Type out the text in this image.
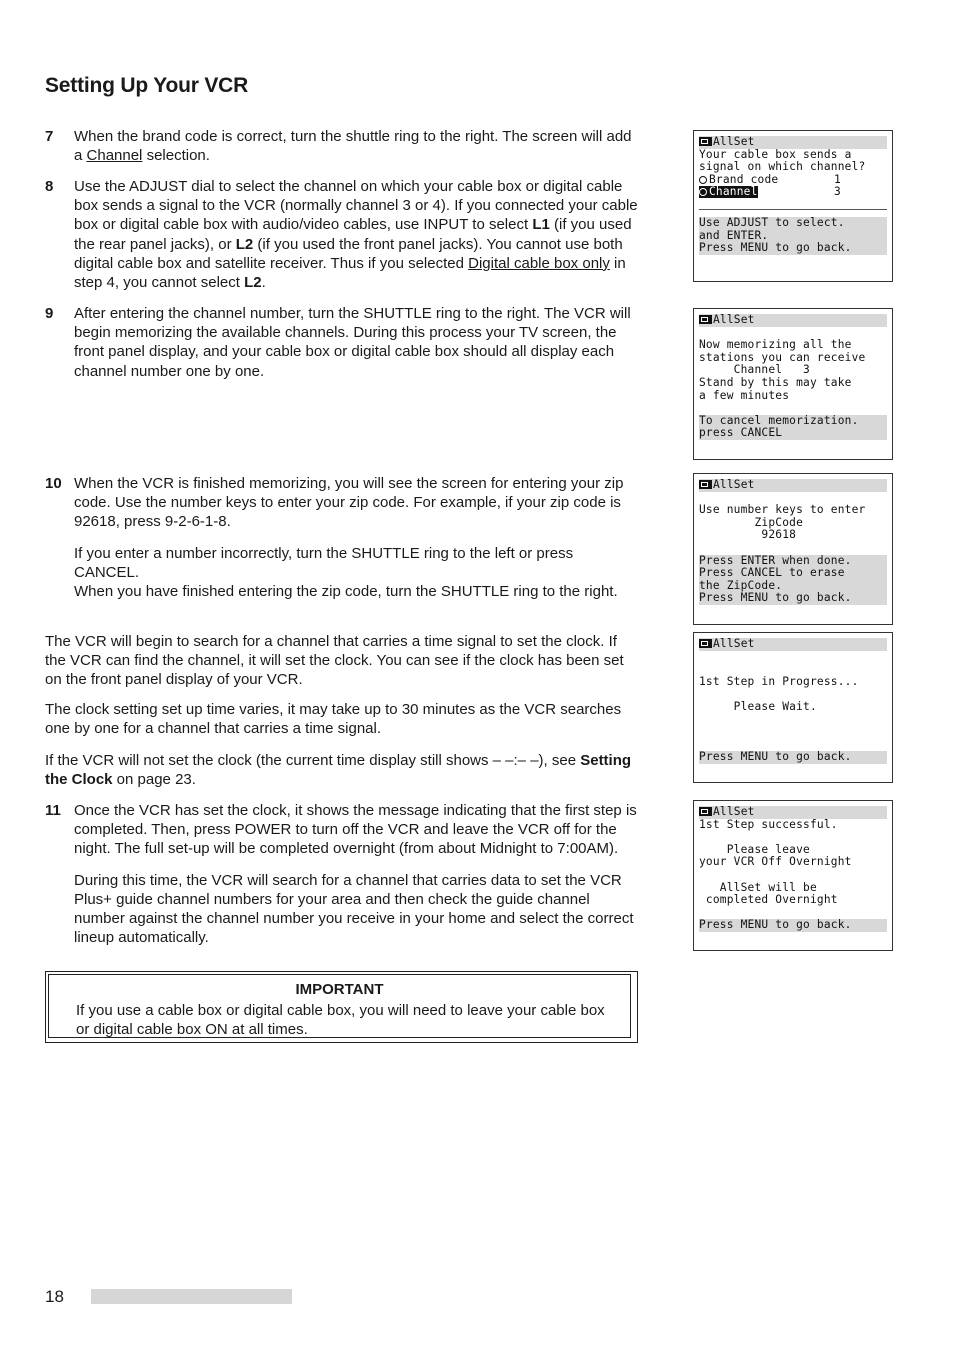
Setting Up Your VCR
7 When the brand code is correct, turn the shuttle ring to the right. The screen will add a Channel selection.
8 Use the ADJUST dial to select the channel on which your cable box or digital cable box sends a signal to the VCR (normally channel 3 or 4). If you connected your cable box or digital cable box with audio/video cables, use INPUT to select L1 (if you used the rear panel jacks), or L2 (if you used the front panel jacks). You cannot use both digital cable box and satellite receiver. Thus if you selected Digital cable box only in step 4, you cannot select L2.
9 After entering the channel number, turn the SHUTTLE ring to the right. The VCR will begin memorizing the available channels. During this process your TV screen, the front panel display, and your cable box or digital cable box should all display each channel number one by one.
10 When the VCR is finished memorizing, you will see the screen for entering your zip code. Use the number keys to enter your zip code. For example, if your zip code is 92618, press 9-2-6-1-8.

If you enter a number incorrectly, turn the SHUTTLE ring to the left or press CANCEL.

When you have finished entering the zip code, turn the SHUTTLE ring to the right.

The VCR will begin to search for a channel that carries a time signal to set the clock. If the VCR can find the channel, it will set the clock. You can see if the clock has been set on the front panel display of your VCR.

The clock setting set up time varies, it may take up to 30 minutes as the VCR searches one by one for a channel that carries a time signal.

If the VCR will not set the clock (the current time display still shows – –:– –), see Setting the Clock on page 23.

11 Once the VCR has set the clock, it shows the message indicating that the first step is completed. Then, press POWER to turn off the VCR and leave the VCR off for the night. The full set-up will be completed overnight (from about Midnight to 7:00AM).

During this time, the VCR will search for a channel that carries data to set the VCR Plus+ guide channel numbers for your area and then check the guide channel number against the channel number you receive in your home and select the correct lineup automatically.

IMPORTANT
If you use a cable box or digital cable box, you will need to leave your cable box or digital cable box ON at all times.
AllSet
Your cable box sends a
signal on which channel?
Brand code	1
Channel	3
Use ADJUST to select.
and ENTER.
Press MENU to go back.
AllSet
Now memorizing all the
stations you can receive
Channel   3
Stand by this may take
a few minutes
To cancel memorization.
press CANCEL
AllSet
Use number keys to enter
ZipCode
92618
Press ENTER when done.
Press CANCEL to erase
the ZipCode.
Press MENU to go back.
AllSet
1st Step in Progress...
Please Wait.
Press MENU to go back.
AllSet
1st Step successful.
Please leave
your VCR Off Overnight
AllSet will be
completed Overnight
Press MENU to go back.
18
